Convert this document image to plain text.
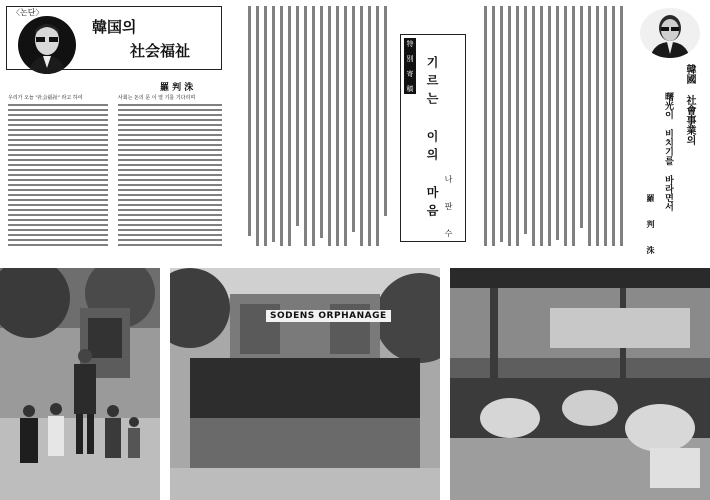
〈논단〉
韓国의
社会福祉
羅 判 洙
우리가 오늘 "社会福祉" 라고 하여	사회는 돈의 문 이 열 기를 기다리며
特 別 寄 稿 기르는 이의 마음 나 판 수
韓國 社會事業의
曙光이 비치기를 바라면서
羅 判 洙
SODENS ORPHANAGE
